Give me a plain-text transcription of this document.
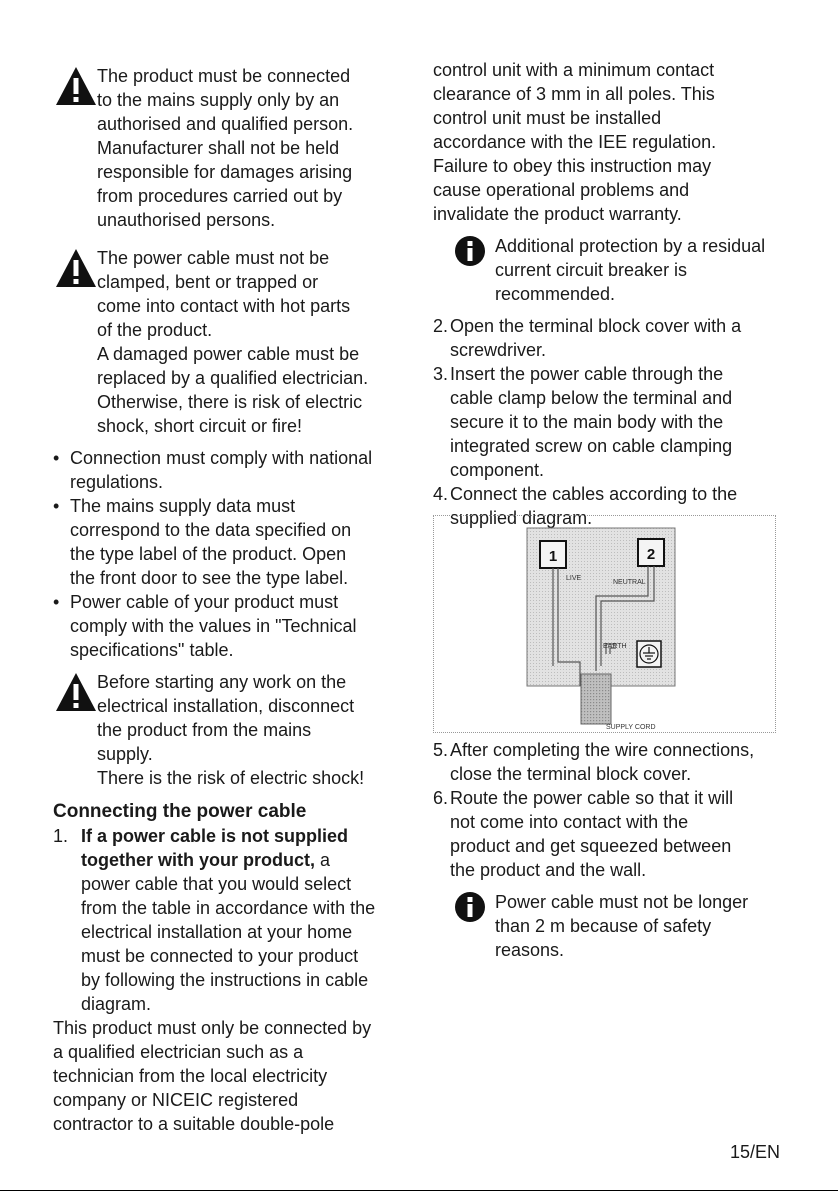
The product must be connected
to the mains supply only by an
authorised and qualified person.
Manufacturer shall not be held
responsible for damages arising
from procedures carried out by
unauthorised persons.
The power cable must not be
clamped, bent or trapped or
come into contact with hot parts
of the product.
A damaged power cable must be
replaced by a qualified electrician.
Otherwise, there is risk of electric
shock, short circuit or fire!
• Connection must comply with national
regulations.
• The mains supply data must
correspond to the data specified on
the type label of the product. Open
the front door to see the type label.
• Power cable of your product must
comply with the values in "Technical
specifications" table.
Before starting any work on the
electrical installation, disconnect
the product from the mains
supply.
There is the risk of electric shock!
Connecting the power cable
1. If a power cable is not supplied
together with your product, a
power cable that you would select
from the table in accordance with the
electrical installation at your home
must be connected to your product
by following the instructions in cable
diagram.
This product must only be connected by
a qualified electrician such as a
technician from the local electricity
company or NICEIC registered
contractor to a suitable double-pole
control unit with a minimum contact
clearance of 3 mm in all poles. This
control unit must be installed
accordance with the IEE regulation.
Failure to obey this instruction may
cause operational problems and
invalidate the product warranty.
Additional protection by a residual
current circuit breaker is
recommended.
2. Open the terminal block cover with a
screwdriver.
3. Insert the power cable through the
cable clamp below the terminal and
secure it to the main body with the
integrated screw on cable clamping
component.
4. Connect the cables according to the
supplied diagram.
1	2
LIVE
NEUTRAL
EARTH
SUPPLY CORD
5. After completing the wire connections,
close the terminal block cover.
6. Route the power cable so that it will
not come into contact with the
product and get squeezed between
the product and the wall.
Power cable must not be longer
than 2 m because of safety
reasons.
15/EN
